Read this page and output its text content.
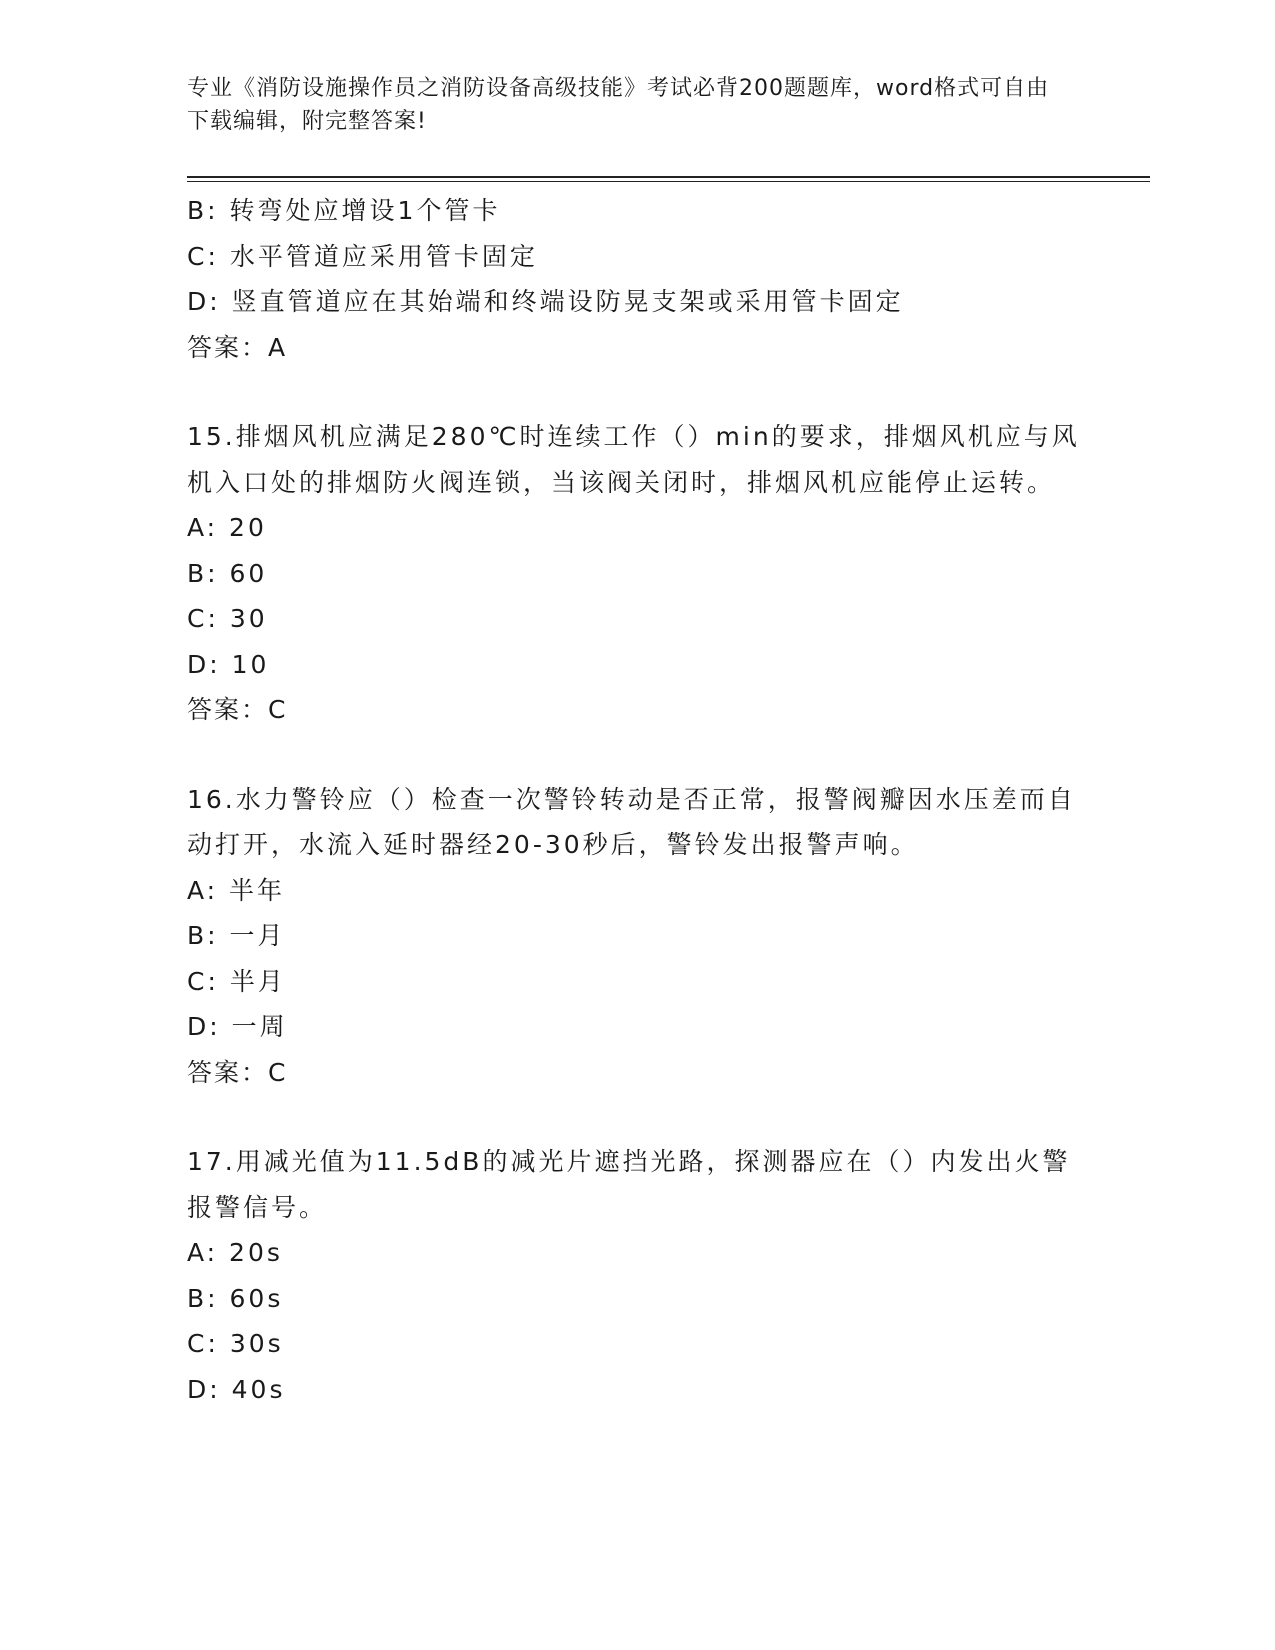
专业《消防设施操作员之消防设备高级技能》考试必背200题题库，word格式可自由下载编辑，附完整答案!
B: 转弯处应增设1个管卡
C: 水平管道应采用管卡固定
D: 竖直管道应在其始端和终端设防晃支架或采用管卡固定
答案：A
15.排烟风机应满足280℃时连续工作（）min的要求，排烟风机应与风机入口处的排烟防火阀连锁，当该阀关闭时，排烟风机应能停止运转。
A: 20
B: 60
C: 30
D: 10
答案：C
16.水力警铃应（）检查一次警铃转动是否正常，报警阀瓣因水压差而自动打开，水流入延时器经20-30秒后，警铃发出报警声响。
A: 半年
B: 一月
C: 半月
D: 一周
答案：C
17.用减光值为11.5dB的减光片遮挡光路，探测器应在（）内发出火警报警信号。
A: 20s
B: 60s
C: 30s
D: 40s
